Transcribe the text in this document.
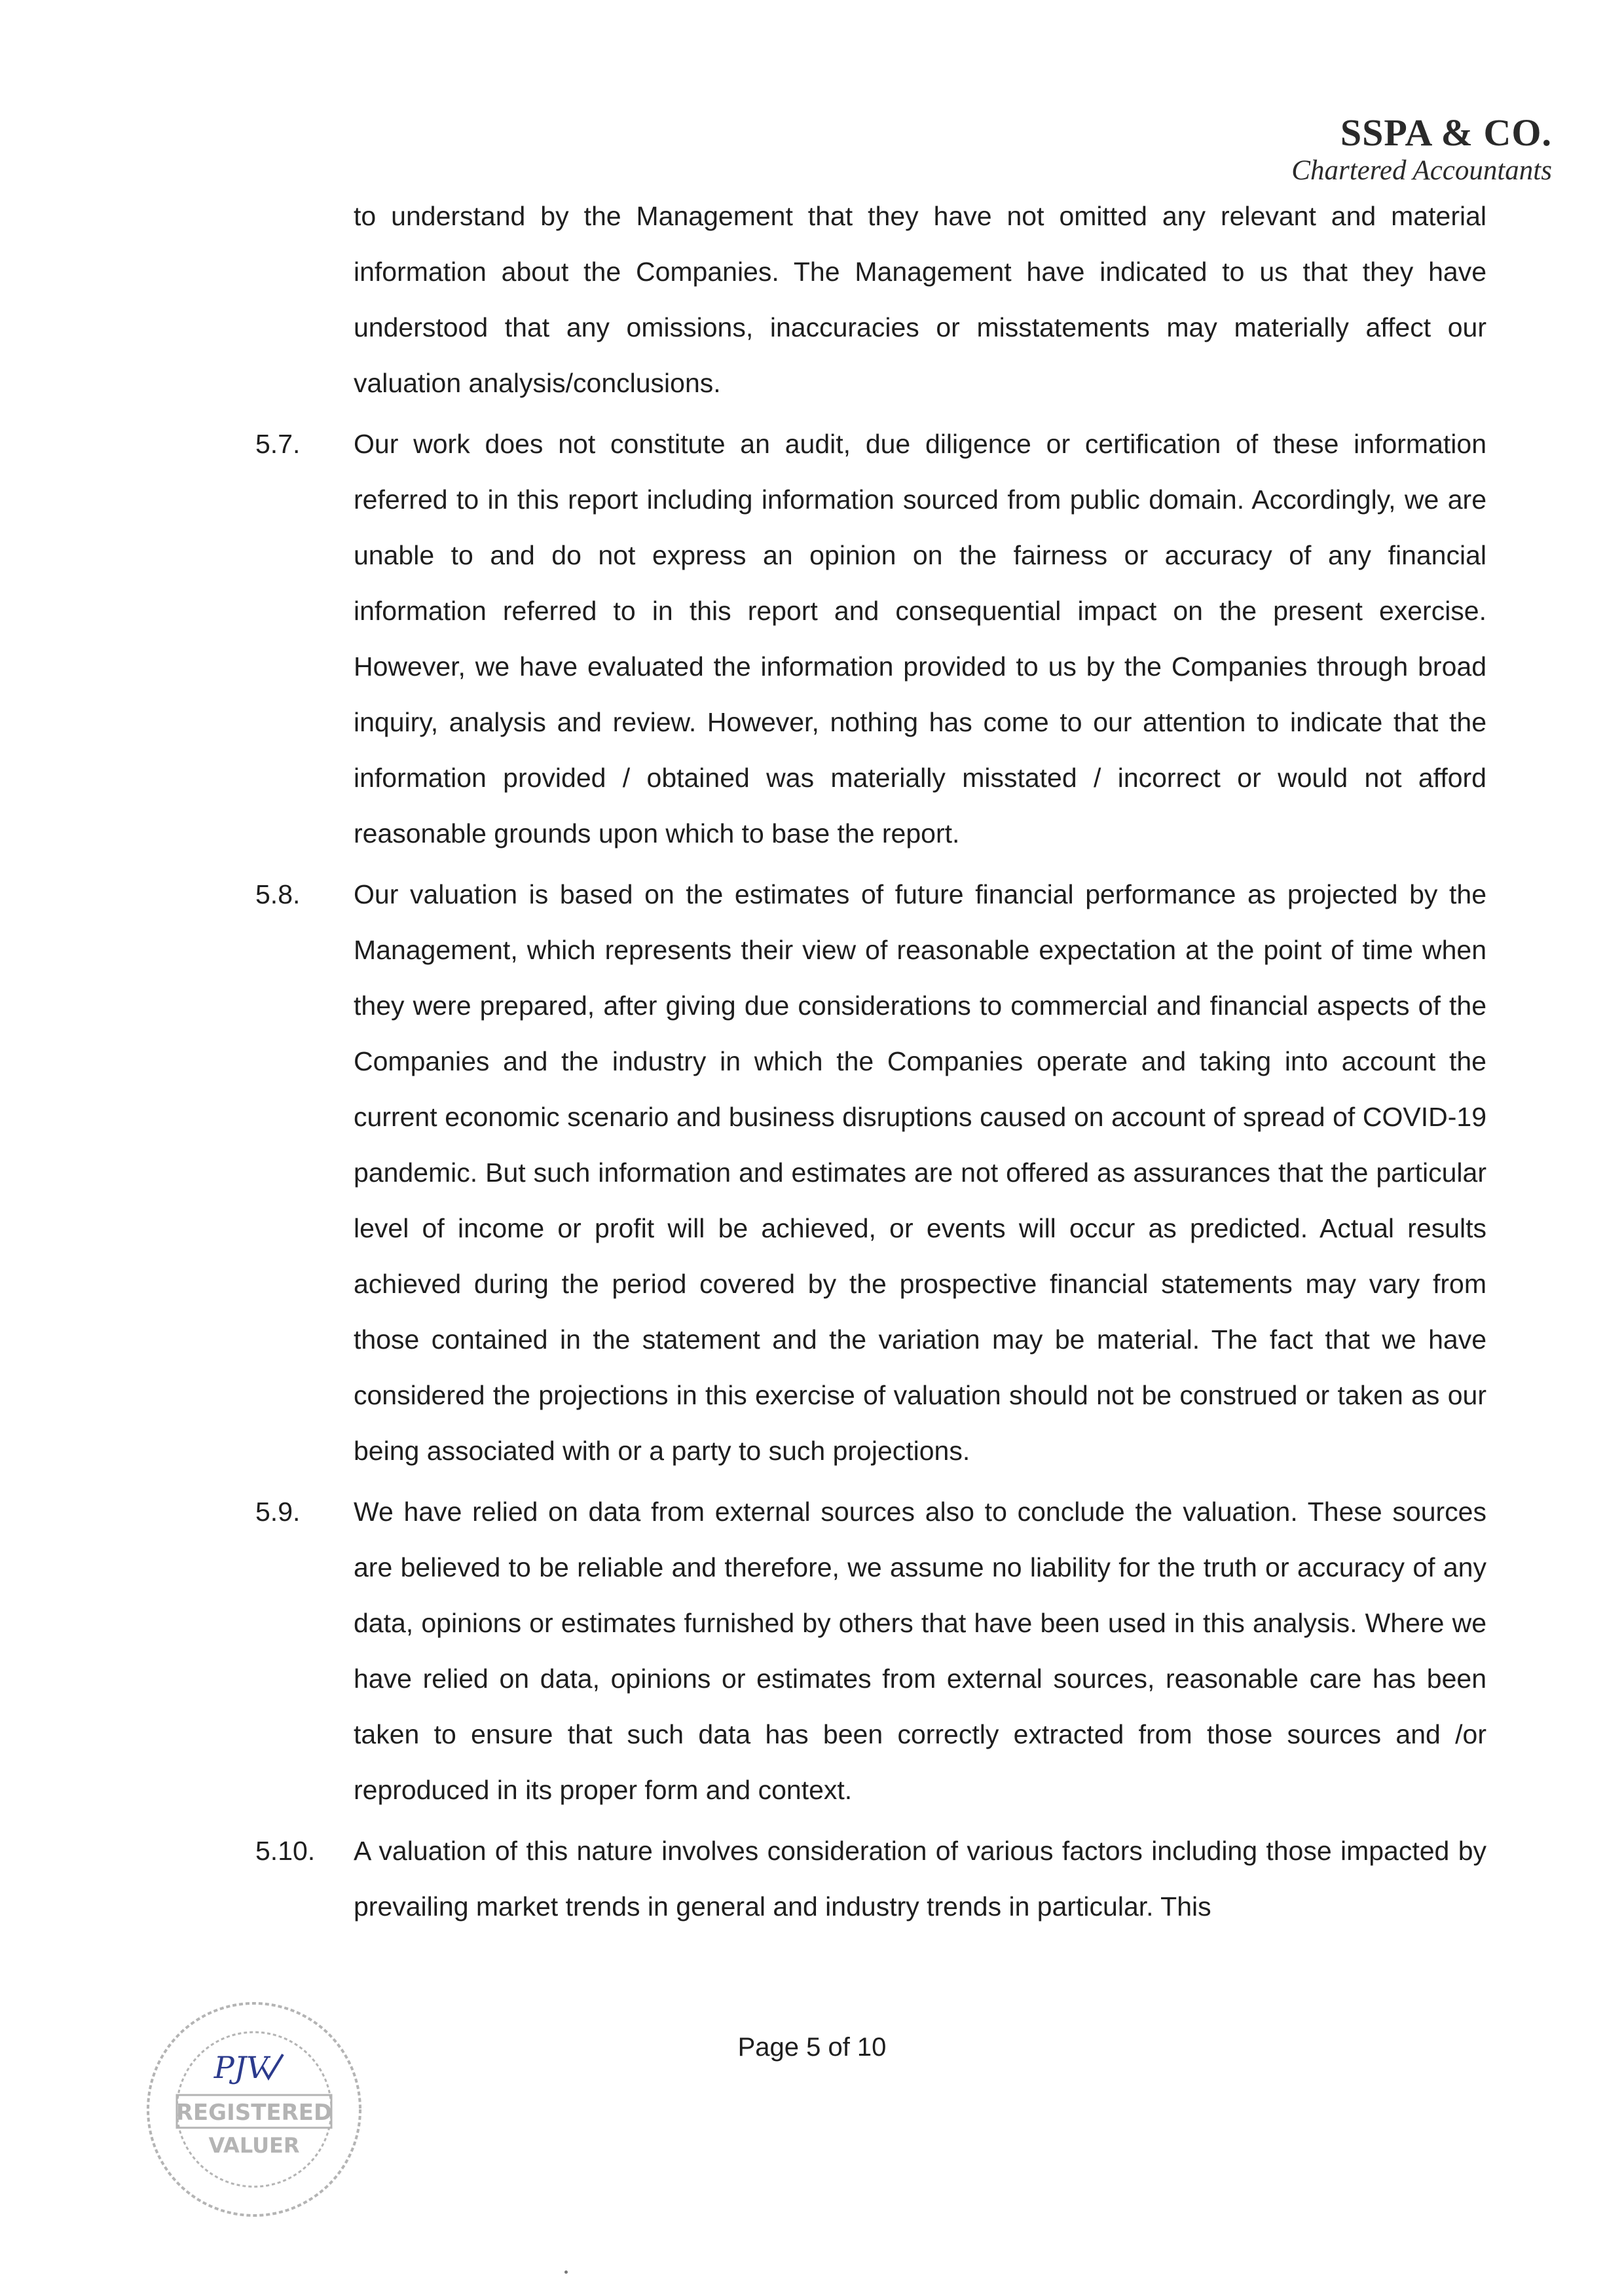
SSPA & CO.
Chartered Accountants

to understand by the Management that they have not omitted any relevant and material information about the Companies. The Management have indicated to us that they have understood that any omissions, inaccuracies or misstatements may materially affect our valuation analysis/conclusions.

5.7. Our work does not constitute an audit, due diligence or certification of these information referred to in this report including information sourced from public domain. Accordingly, we are unable to and do not express an opinion on the fairness or accuracy of any financial information referred to in this report and consequential impact on the present exercise. However, we have evaluated the information provided to us by the Companies through broad inquiry, analysis and review. However, nothing has come to our attention to indicate that the information provided / obtained was materially misstated / incorrect or would not afford reasonable grounds upon which to base the report.
5.8. Our valuation is based on the estimates of future financial performance as projected by the Management, which represents their view of reasonable expectation at the point of time when they were prepared, after giving due considerations to commercial and financial aspects of the Companies and the industry in which the Companies operate and taking into account the current economic scenario and business disruptions caused on account of spread of COVID-19 pandemic. But such information and estimates are not offered as assurances that the particular level of income or profit will be achieved, or events will occur as predicted. Actual results achieved during the period covered by the prospective financial statements may vary from those contained in the statement and the variation may be material. The fact that we have considered the projections in this exercise of valuation should not be construed or taken as our being associated with or a party to such projections.
5.9. We have relied on data from external sources also to conclude the valuation. These sources are believed to be reliable and therefore, we assume no liability for the truth or accuracy of any data, opinions or estimates furnished by others that have been used in this analysis. Where we have relied on data, opinions or estimates from external sources, reasonable care has been taken to ensure that such data has been correctly extracted from those sources and /or reproduced in its proper form and context.
5.10. A valuation of this nature involves consideration of various factors including those impacted by prevailing market trends in general and industry trends in particular. This
Page 5 of 10
PJV
REGISTERED
VALUER
